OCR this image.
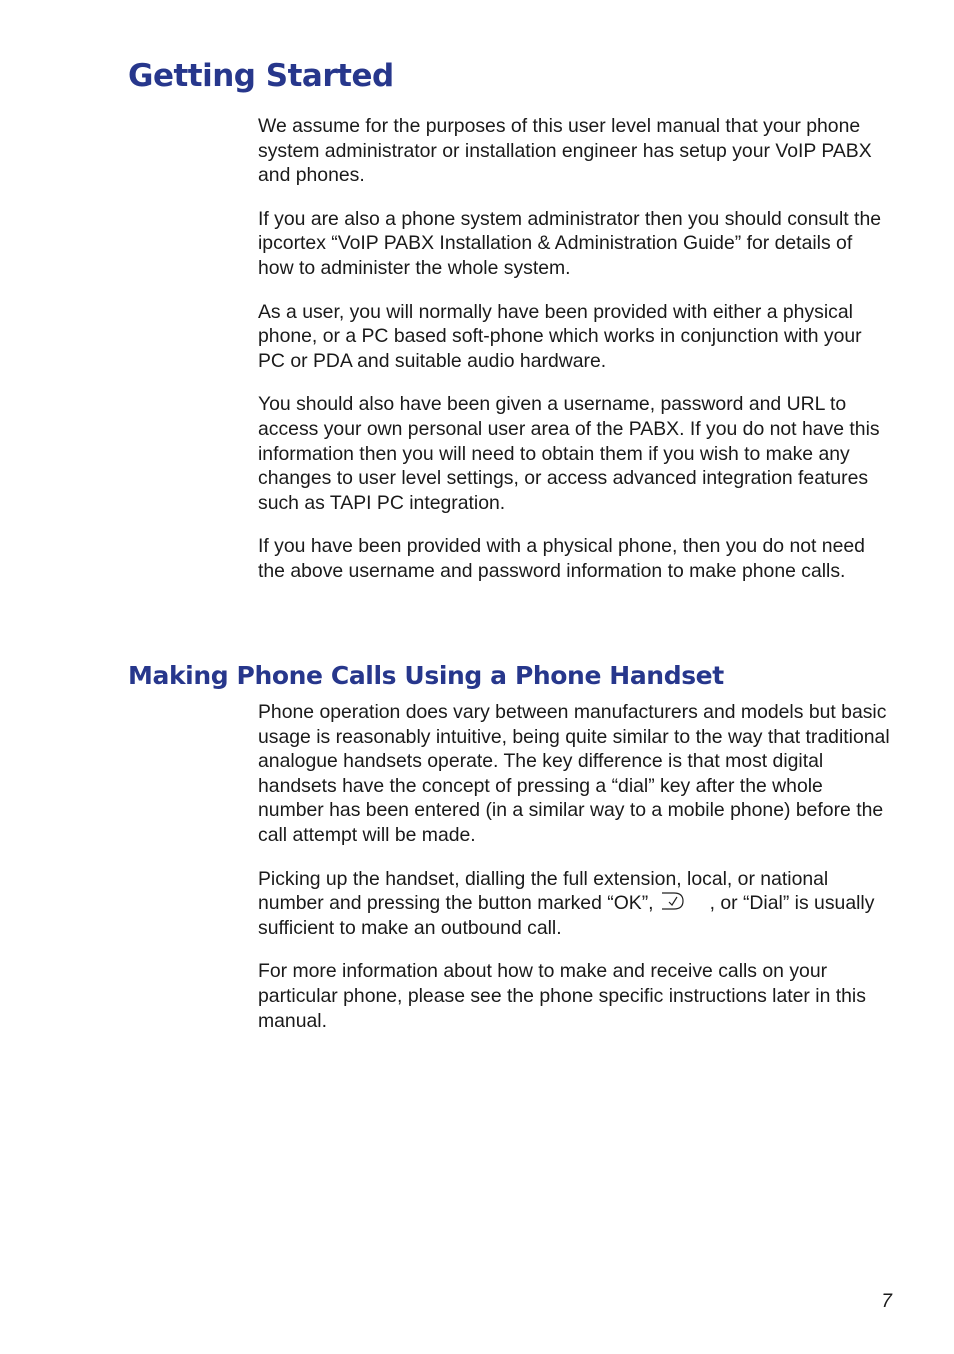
Getting Started

We assume for the purposes of this user level manual that your phone system administrator or installation engineer has setup your VoIP PABX and phones.

If you are also a phone system administrator then you should consult the ipcortex “VoIP PABX Installation & Administration Guide” for details of how to administer the whole system.

As a user, you will normally have been provided with either a physical phone, or a PC based soft-phone which works in conjunction with your PC or PDA and suitable audio hardware.

You should also have been given a username, password and URL to access your own personal user area of the PABX. If you do not have this information then you will need to obtain them if you wish to make any changes to user level settings, or access advanced integration features such as TAPI PC integration.

If you have been provided with a physical phone, then you do not need the above username and password information to make phone calls.

Making Phone Calls Using a Phone Handset

Phone operation does vary between manufacturers and models but basic usage is reasonably intuitive, being quite similar to the way that traditional analogue handsets operate. The key difference is that most digital handsets have the concept of pressing a “dial” key after the whole number has been entered (in a similar way to a mobile phone) before the call attempt will be made.

Picking up the handset, dialling the full extension, local, or national number and pressing the button marked “OK”,	, or “Dial” is usually sufficient to make an outbound call.

For more information about how to make and receive calls on your particular phone, please see the phone specific instructions later in this manual.

7
